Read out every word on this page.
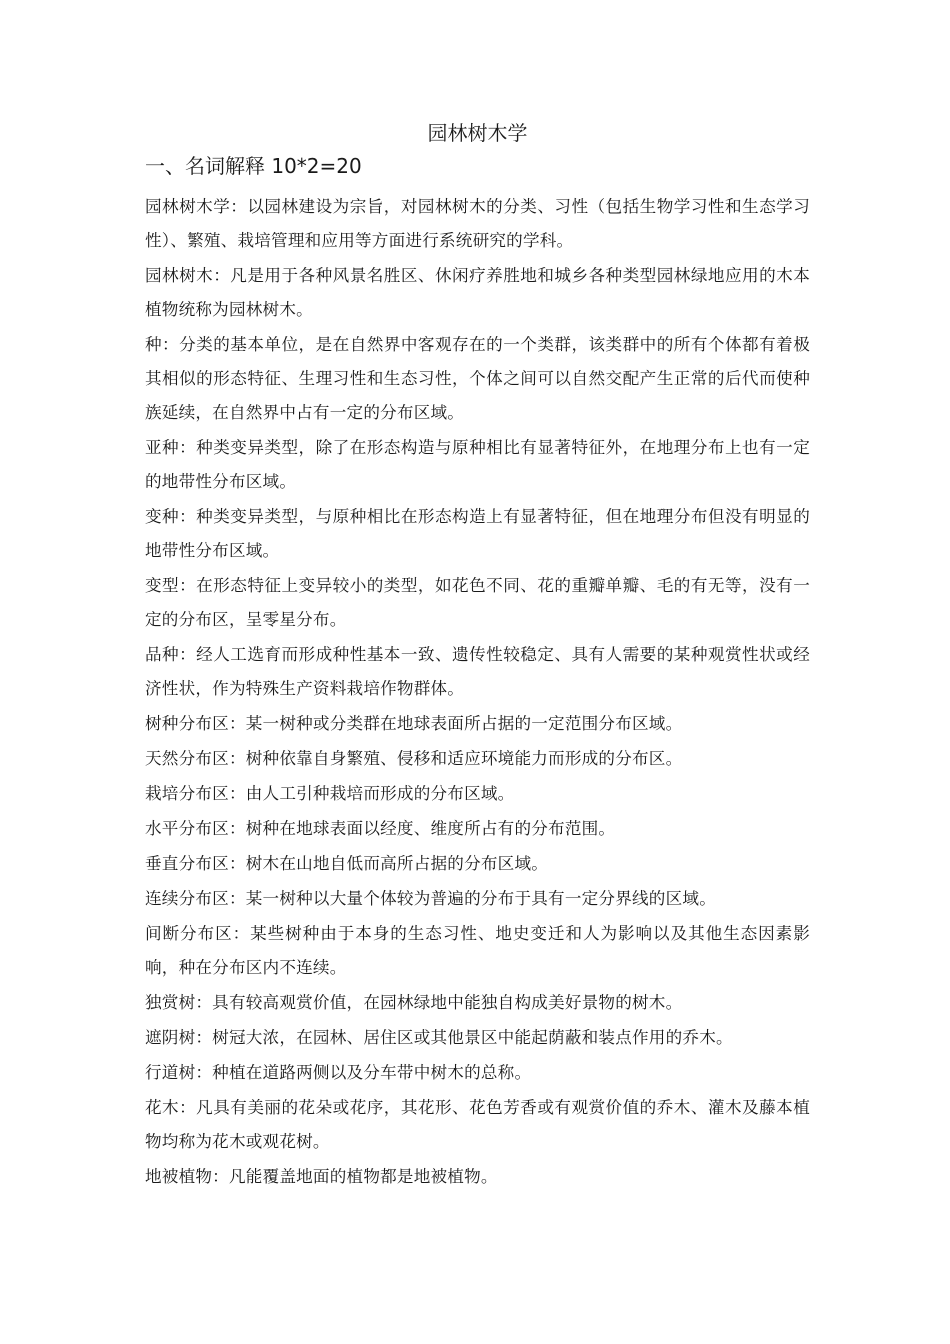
园林树木学
一、名词解释 10*2=20
园林树木学：以园林建设为宗旨，对园林树木的分类、习性（包括生物学习性和生态学习性）、繁殖、栽培管理和应用等方面进行系统研究的学科。
园林树木：凡是用于各种风景名胜区、休闲疗养胜地和城乡各种类型园林绿地应用的木本植物统称为园林树木。
种：分类的基本单位，是在自然界中客观存在的一个类群，该类群中的所有个体都有着极其相似的形态特征、生理习性和生态习性，个体之间可以自然交配产生正常的后代而使种族延续，在自然界中占有一定的分布区域。
亚种：种类变异类型，除了在形态构造与原种相比有显著特征外，在地理分布上也有一定的地带性分布区域。
变种：种类变异类型，与原种相比在形态构造上有显著特征，但在地理分布但没有明显的地带性分布区域。
变型：在形态特征上变异较小的类型，如花色不同、花的重瓣单瓣、毛的有无等，没有一定的分布区，呈零星分布。
品种：经人工选育而形成种性基本一致、遗传性较稳定、具有人需要的某种观赏性状或经济性状，作为特殊生产资料栽培作物群体。
树种分布区：某一树种或分类群在地球表面所占据的一定范围分布区域。
天然分布区：树种依靠自身繁殖、侵移和适应环境能力而形成的分布区。
栽培分布区：由人工引种栽培而形成的分布区域。
水平分布区：树种在地球表面以经度、维度所占有的分布范围。
垂直分布区：树木在山地自低而高所占据的分布区域。
连续分布区：某一树种以大量个体较为普遍的分布于具有一定分界线的区域。
间断分布区：某些树种由于本身的生态习性、地史变迁和人为影响以及其他生态因素影响，种在分布区内不连续。
独赏树：具有较高观赏价值，在园林绿地中能独自构成美好景物的树木。
遮阴树：树冠大浓，在园林、居住区或其他景区中能起荫蔽和装点作用的乔木。
行道树：种植在道路两侧以及分车带中树木的总称。
花木：凡具有美丽的花朵或花序，其花形、花色芳香或有观赏价值的乔木、灌木及藤本植物均称为花木或观花树。
地被植物：凡能覆盖地面的植物都是地被植物。
